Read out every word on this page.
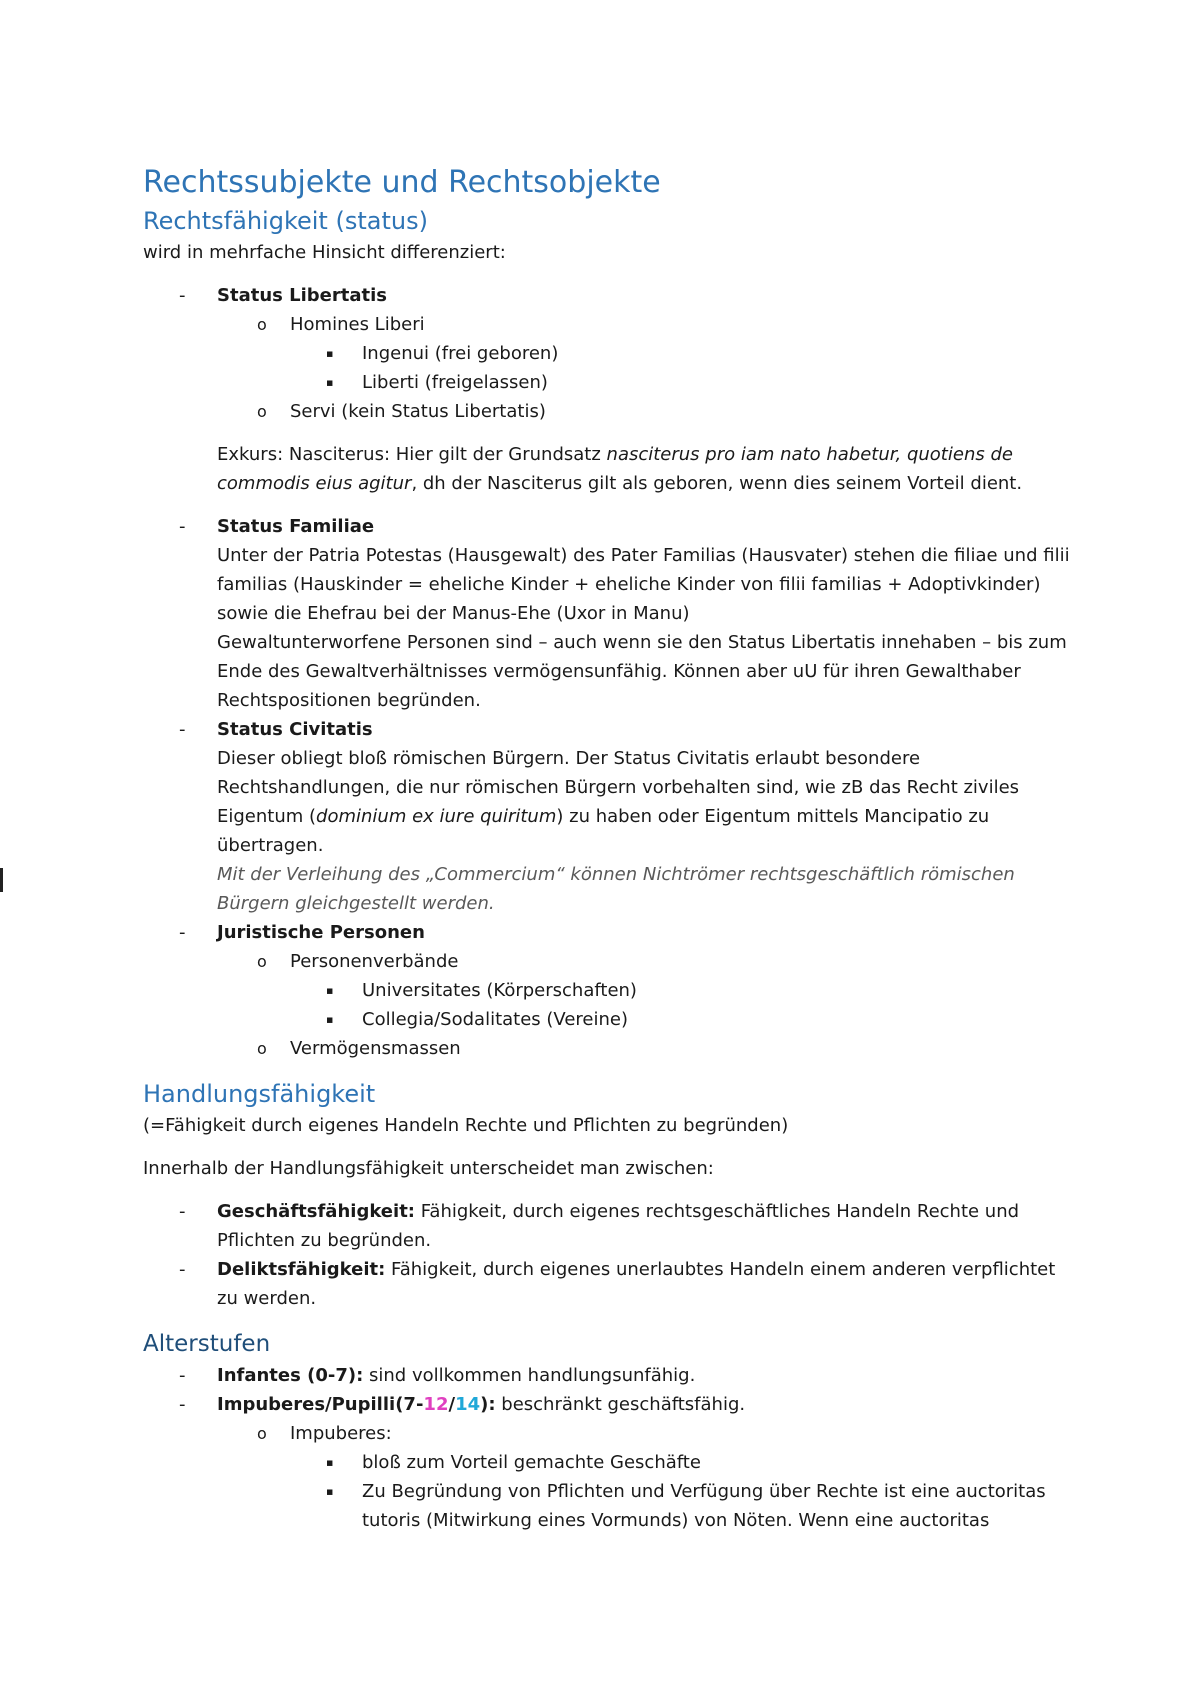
Rechtssubjekte und Rechtsobjekte
Rechtsfähigkeit (status)

wird in mehrfache Hinsicht differenziert:

- Status Libertatis
o Homines Liberi
▪ Ingenui (frei geboren)
▪ Liberti (freigelassen)
o Servi (kein Status Libertatis)

Exkurs: Nasciterus: Hier gilt der Grundsatz nasciterus pro iam nato habetur, quotiens de commodis eius agitur, dh der Nasciterus gilt als geboren, wenn dies seinem Vorteil dient.

- Status Familiae

Unter der Patria Potestas (Hausgewalt) des Pater Familias (Hausvater) stehen die filiae und filii familias (Hauskinder = eheliche Kinder + eheliche Kinder von filii familias + Adoptivkinder) sowie die Ehefrau bei der Manus-Ehe (Uxor in Manu)

Gewaltunterworfene Personen sind – auch wenn sie den Status Libertatis innehaben – bis zum Ende des Gewaltverhältnisses vermögensunfähig. Können aber uU für ihren Gewalthaber Rechtspositionen begründen.

- Status Civitatis

Dieser obliegt bloß römischen Bürgern. Der Status Civitatis erlaubt besondere Rechtshandlungen, die nur römischen Bürgern vorbehalten sind, wie zB das Recht ziviles Eigentum (dominium ex iure quiritum) zu haben oder Eigentum mittels Mancipatio zu übertragen.

Mit der Verleihung des „Commercium“ können Nichtrömer rechtsgeschäftlich römischen Bürgern gleichgestellt werden.

- Juristische Personen
o Personenverbände
▪ Universitates (Körperschaften)
▪ Collegia/Sodalitates (Vereine)
o Vermögensmassen
Handlungsfähigkeit

(=Fähigkeit durch eigenes Handeln Rechte und Pflichten zu begründen)

Innerhalb der Handlungsfähigkeit unterscheidet man zwischen:

- Geschäftsfähigkeit: Fähigkeit, durch eigenes rechtsgeschäftliches Handeln Rechte und Pflichten zu begründen.
- Deliktsfähigkeit: Fähigkeit, durch eigenes unerlaubtes Handeln einem anderen verpflichtet zu werden.
Alterstufen
- Infantes (0-7): sind vollkommen handlungsunfähig.
- Impuberes/Pupilli(7-12/14): beschränkt geschäftsfähig.
o Impuberes:
▪ bloß zum Vorteil gemachte Geschäfte
▪ Zu Begründung von Pflichten und Verfügung über Rechte ist eine auctoritas tutoris (Mitwirkung eines Vormunds) von Nöten. Wenn eine auctoritas
